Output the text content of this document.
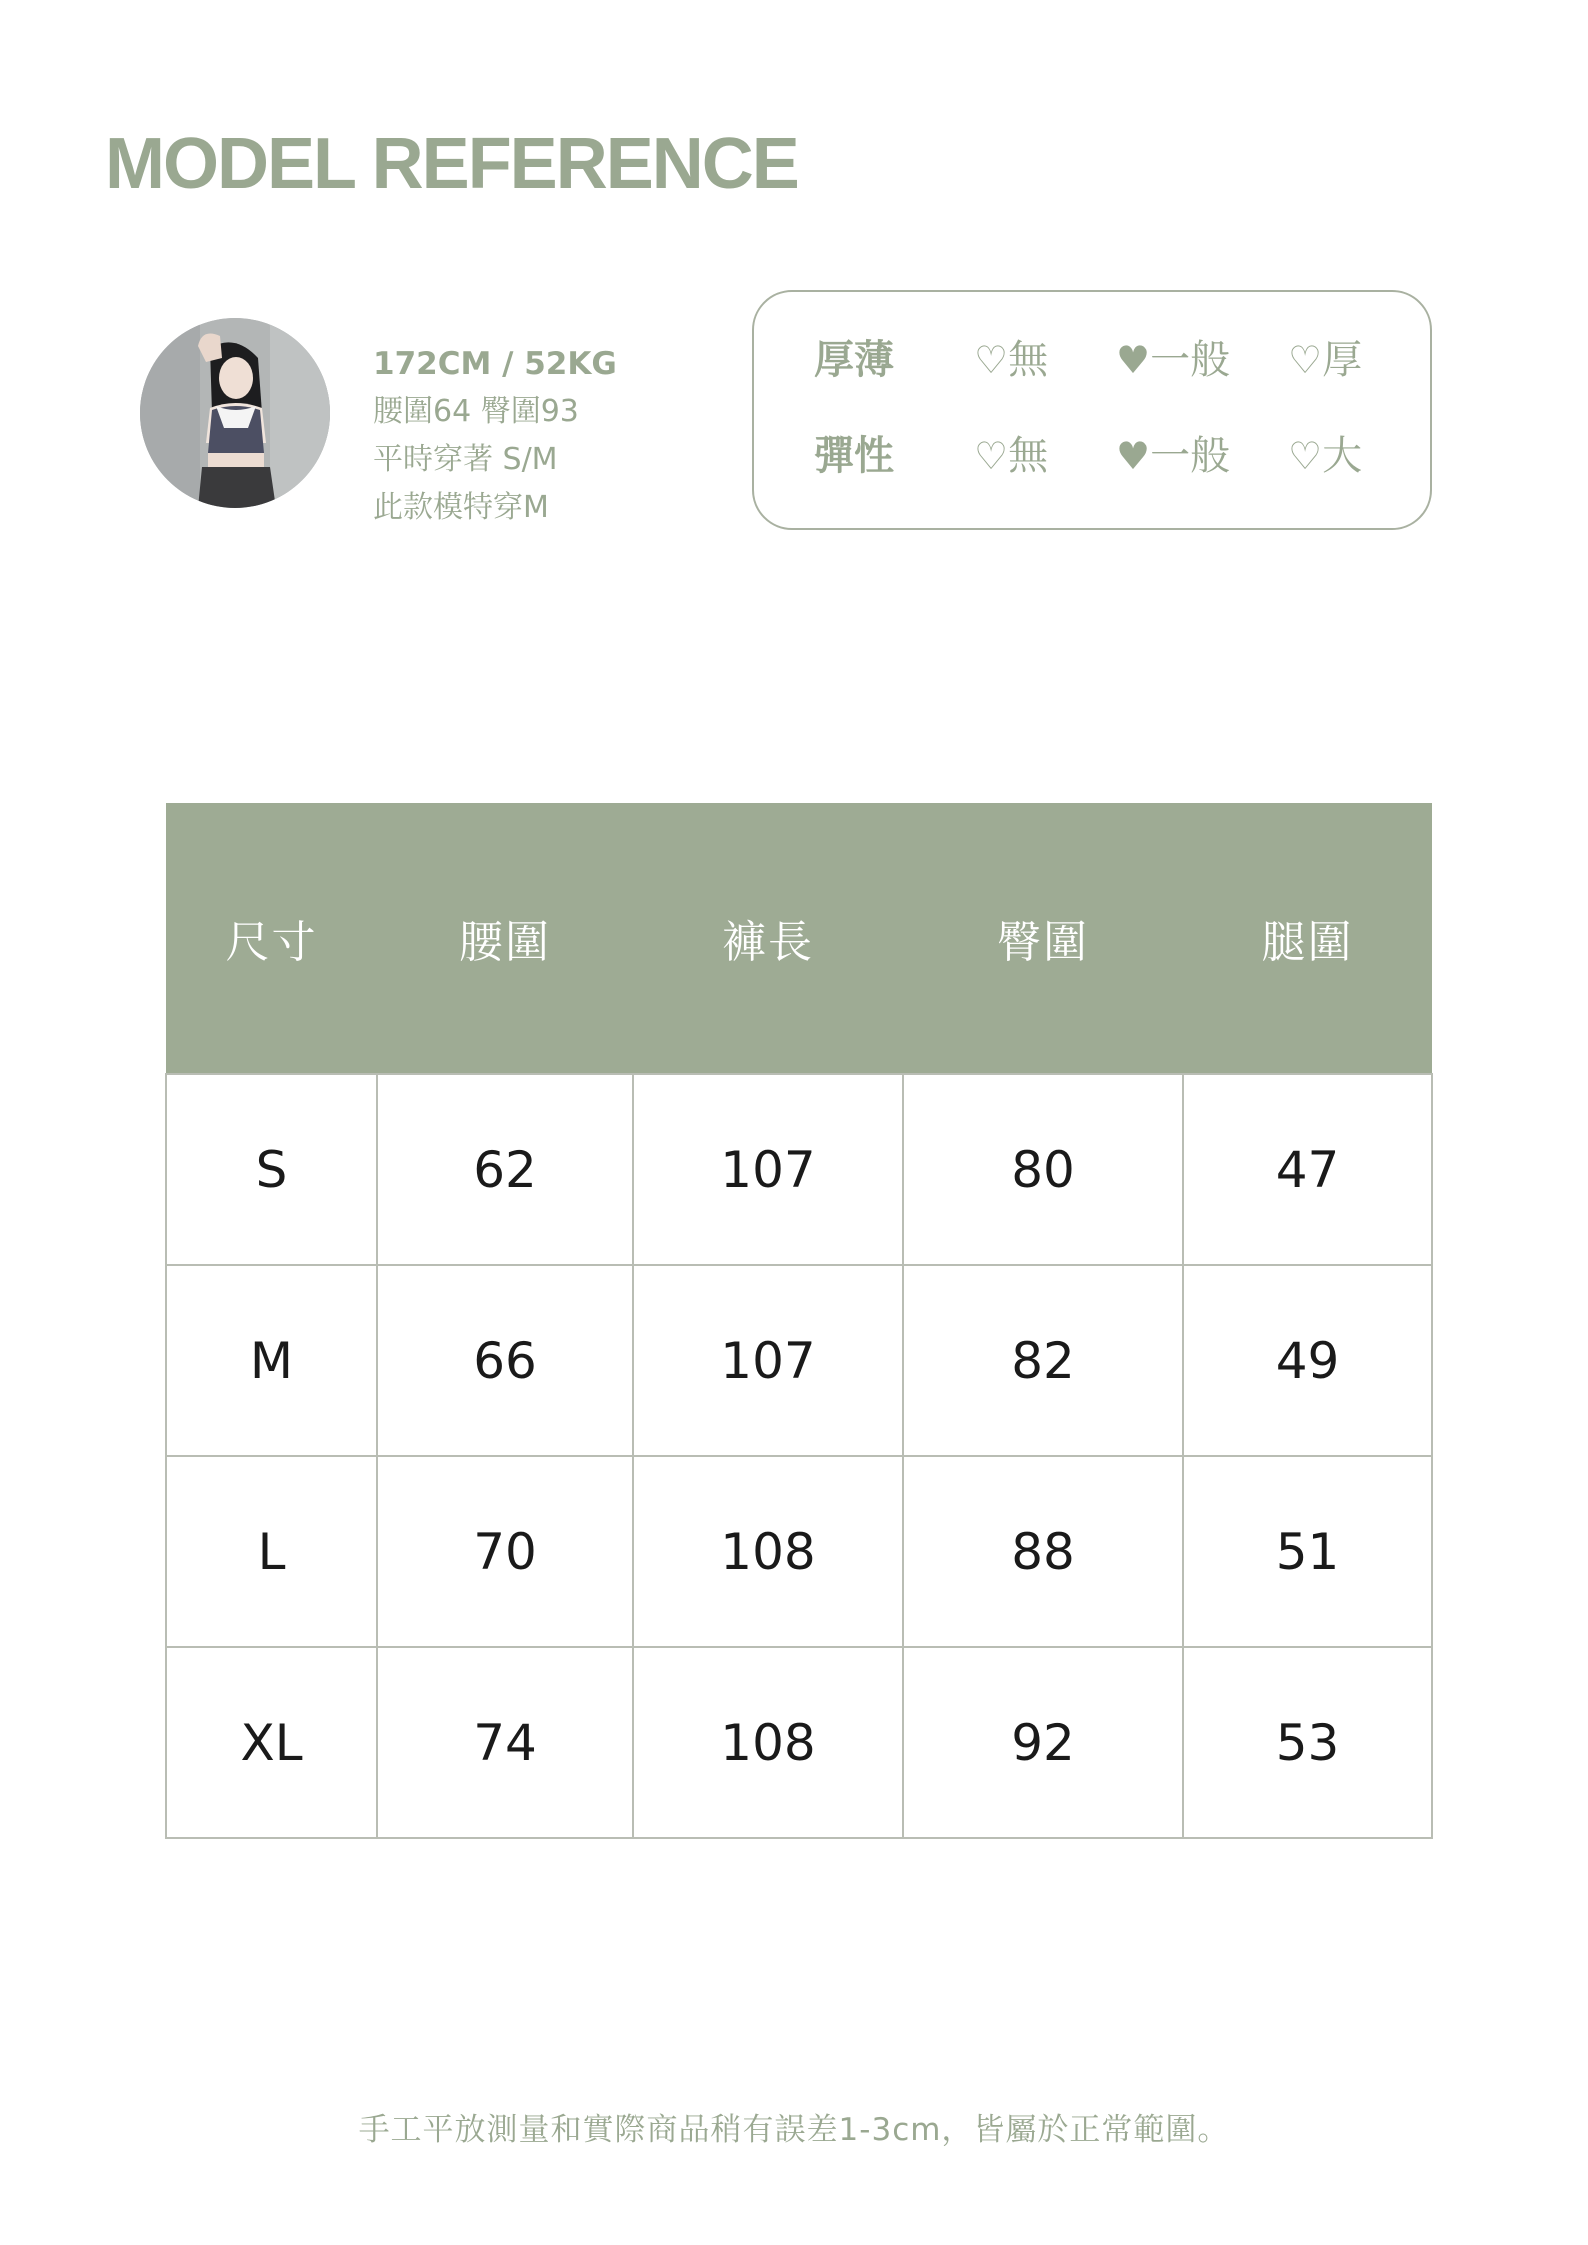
MODEL REFERENCE
172CM / 52KG
腰圍64 臀圍93
平時穿著 S/M
此款模特穿M
厚薄 ♡無 ♥一般 ♡厚
彈性 ♡無 ♥一般 ♡大
尺寸	腰圍	褲長	臀圍	腿圍
S	62	107	80	47
M	66	107	82	49
L	70	108	88	51
XL	74	108	92	53
手工平放測量和實際商品稍有誤差1-3cm，皆屬於正常範圍。
